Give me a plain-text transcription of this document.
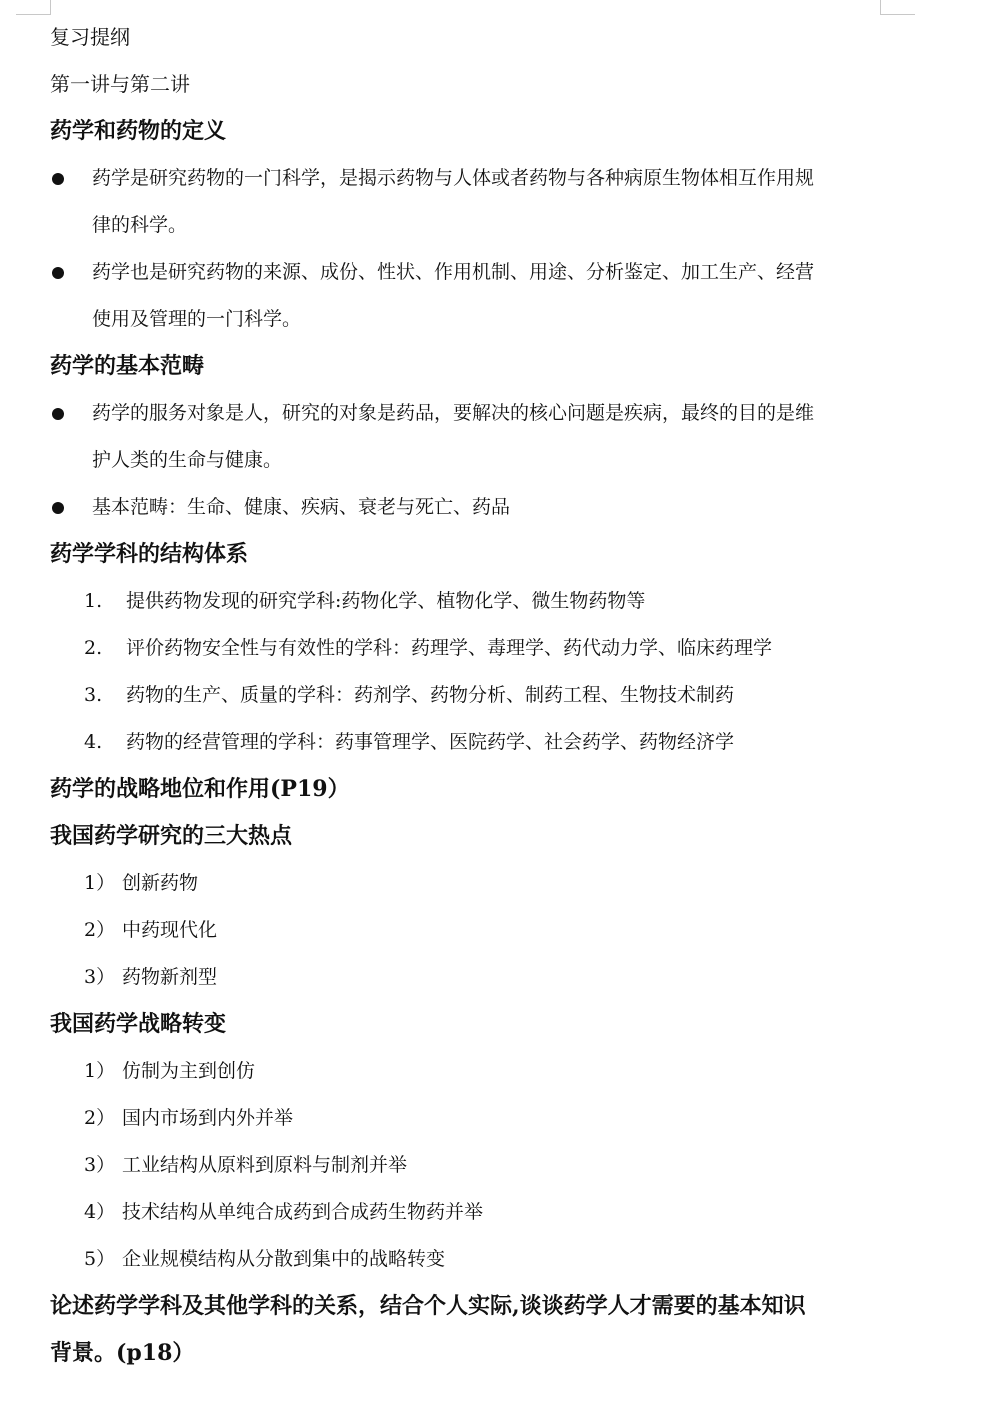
复习提纲
第一讲与第二讲
药学和药物的定义
药学是研究药物的一门科学，是揭示药物与人体或者药物与各种病原生物体相互作用规
律的科学。
药学也是研究药物的来源、成份、性状、作用机制、用途、分析鉴定、加工生产、经营
使用及管理的一门科学。
药学的基本范畴
药学的服务对象是人，研究的对象是药品，要解决的核心问题是疾病，最终的目的是维
护人类的生命与健康。
基本范畴：生命、健康、疾病、衰老与死亡、药品
药学学科的结构体系
1. 提供药物发现的研究学科:药物化学、植物化学、微生物药物等
2. 评价药物安全性与有效性的学科：药理学、毒理学、药代动力学、临床药理学
3. 药物的生产、质量的学科：药剂学、药物分析、制药工程、生物技术制药
4. 药物的经营管理的学科：药事管理学、医院药学、社会药学、药物经济学
药学的战略地位和作用(P19）
我国药学研究的三大热点
1） 创新药物
2） 中药现代化
3） 药物新剂型
我国药学战略转变
1） 仿制为主到创仿
2） 国内市场到内外并举
3） 工业结构从原料到原料与制剂并举
4） 技术结构从单纯合成药到合成药生物药并举
5） 企业规模结构从分散到集中的战略转变
论述药学学科及其他学科的关系，结合个人实际,谈谈药学人才需要的基本知识
背景。(p18）
